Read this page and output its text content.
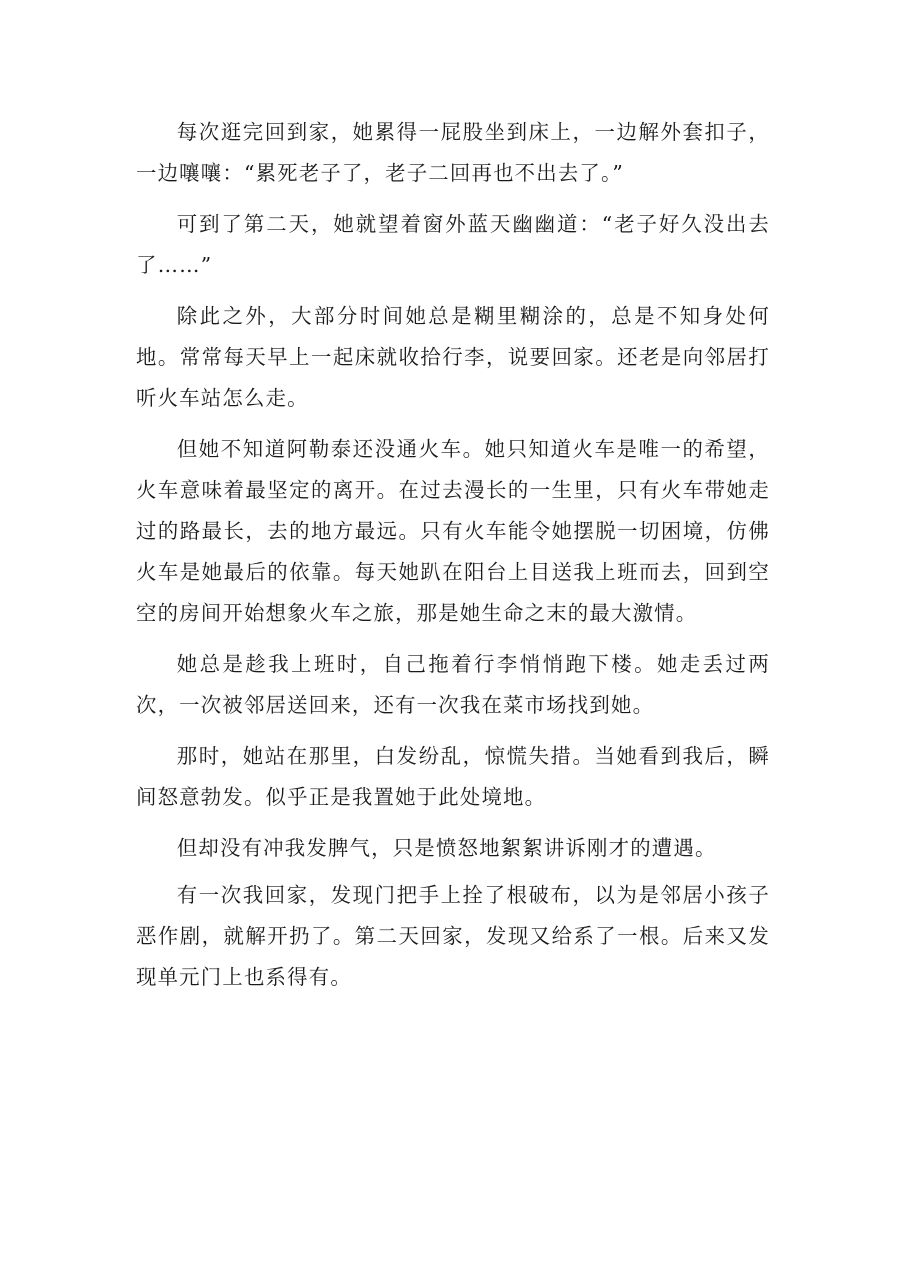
每次逛完回到家，她累得一屁股坐到床上，一边解外套扣子，一边嚷嚷：“累死老子了，老子二回再也不出去了。”

可到了第二天，她就望着窗外蓝天幽幽道：“老子好久没出去了……”

除此之外，大部分时间她总是糊里糊涂的，总是不知身处何地。常常每天早上一起床就收拾行李，说要回家。还老是向邻居打听火车站怎么走。

但她不知道阿勒泰还没通火车。她只知道火车是唯一的希望，火车意味着最坚定的离开。在过去漫长的一生里，只有火车带她走过的路最长，去的地方最远。只有火车能令她摆脱一切困境，仿佛火车是她最后的依靠。每天她趴在阳台上目送我上班而去，回到空空的房间开始想象火车之旅，那是她生命之末的最大激情。

她总是趁我上班时，自己拖着行李悄悄跑下楼。她走丢过两次，一次被邻居送回来，还有一次我在菜市场找到她。

那时，她站在那里，白发纷乱，惊慌失措。当她看到我后，瞬间怒意勃发。似乎正是我置她于此处境地。

但却没有冲我发脾气，只是愤怒地絮絮讲诉刚才的遭遇。

有一次我回家，发现门把手上拴了根破布，以为是邻居小孩子恶作剧，就解开扔了。第二天回家，发现又给系了一根。后来又发现单元门上也系得有。
